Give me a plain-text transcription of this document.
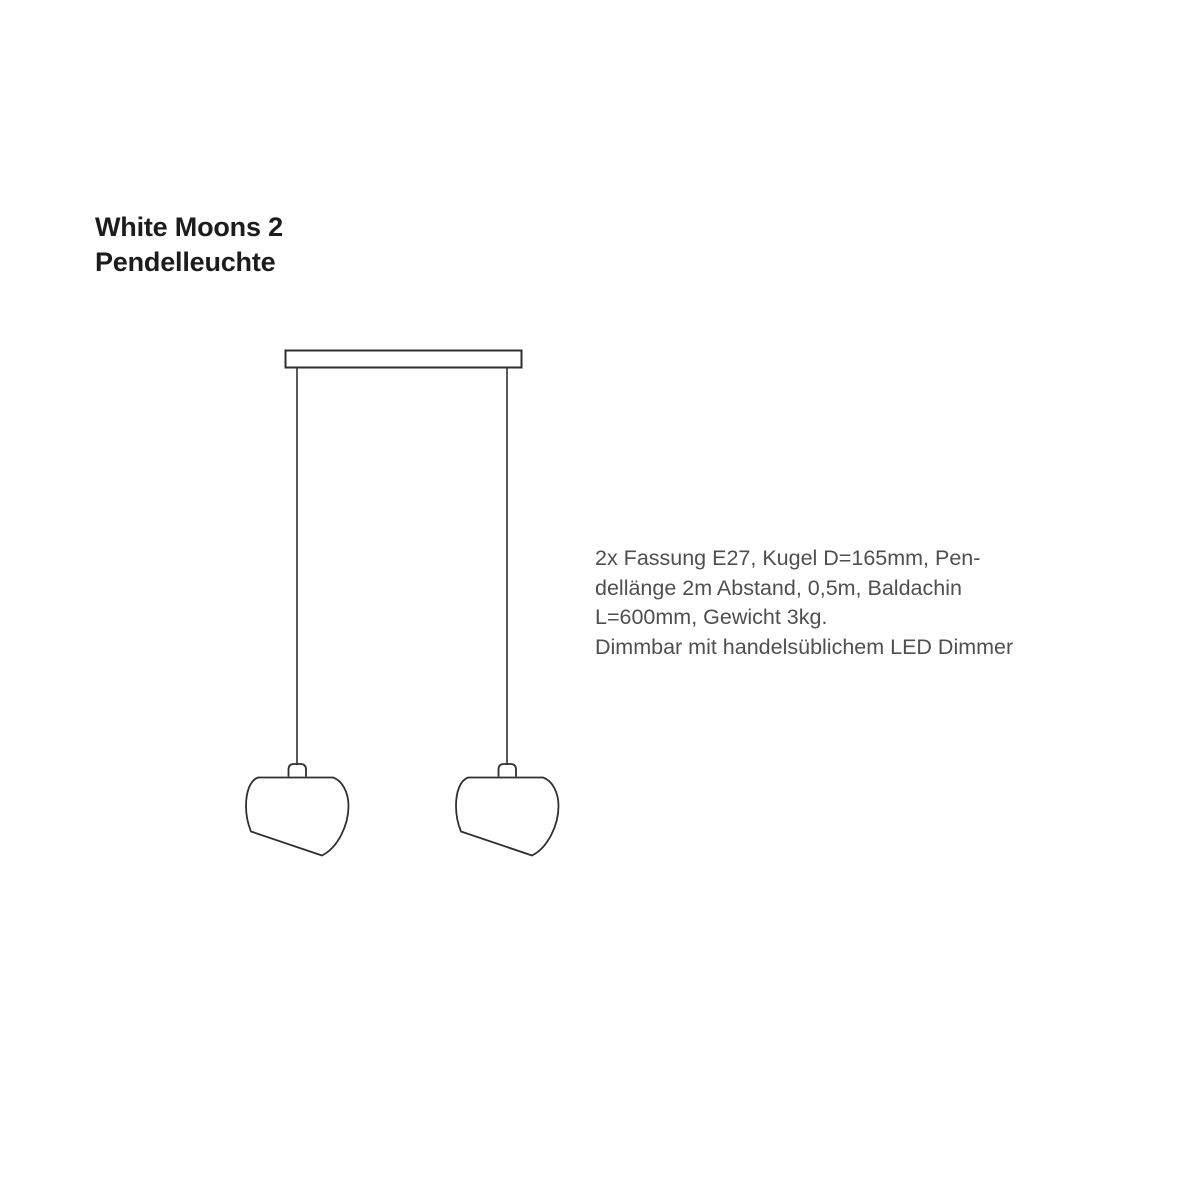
White Moons 2
Pendelleuchte
2x Fassung E27, Kugel D=165mm, Pen-
dellänge 2m Abstand, 0,5m, Baldachin
L=600mm, Gewicht 3kg.
Dimmbar mit handelsüblichem LED Dimmer
